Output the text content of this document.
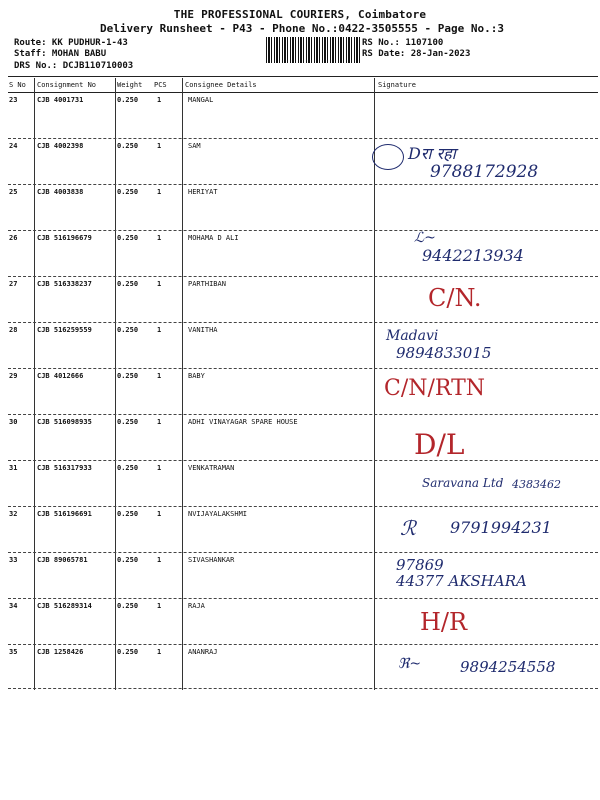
THE PROFESSIONAL COURIERS, Coimbatore
Delivery Runsheet - P43 - Phone No.:0422-3505555 - Page No.:3
Route: KK PUDHUR-1-43
Staff: MOHAN BABU
DRS No.: DCJB110710003
RS No.: 1107100
RS Date: 28-Jan-2023
S No Consignment No	Weight PCS	Consignee Details	Signature
23	CJB 4001731	0.250	1	MANGAL
24	CJB 4002398	0.250	1	SAM	Dरा रहा
9788172928
25	CJB 4003838	0.250	1	HERIYAT
26	CJB 516196679	0.250	1	MOHAMA D ALI	ℒ~
9442213934
27	CJB 516338237	0.250	1	PARTHIBAN	C/N.
28	CJB 516259559	0.250	1	VANITHA	Madavi
9894833015
29	CJB 4012666	0.250	1	BABY	C/N/RTN
30	CJB 516098935	0.250	1	ADHI VINAYAGAR SPARE HOUSE
D/L
31	CJB 516317933	0.250	1	VENKATRAMAN
Saravana Ltd 4383462
32	CJB 516196691	0.250	1	NVIJAYALAKSHMI
ℛ 9791994231
33	CJB 89065781	0.250	1	SIVASHANKAR	97869
44377 AKSHARA
34	CJB 516289314	0.250	1	RAJA
H/R
35	CJB 1258426	0.250	1	ANANRAJ
ℜ~	9894254558
